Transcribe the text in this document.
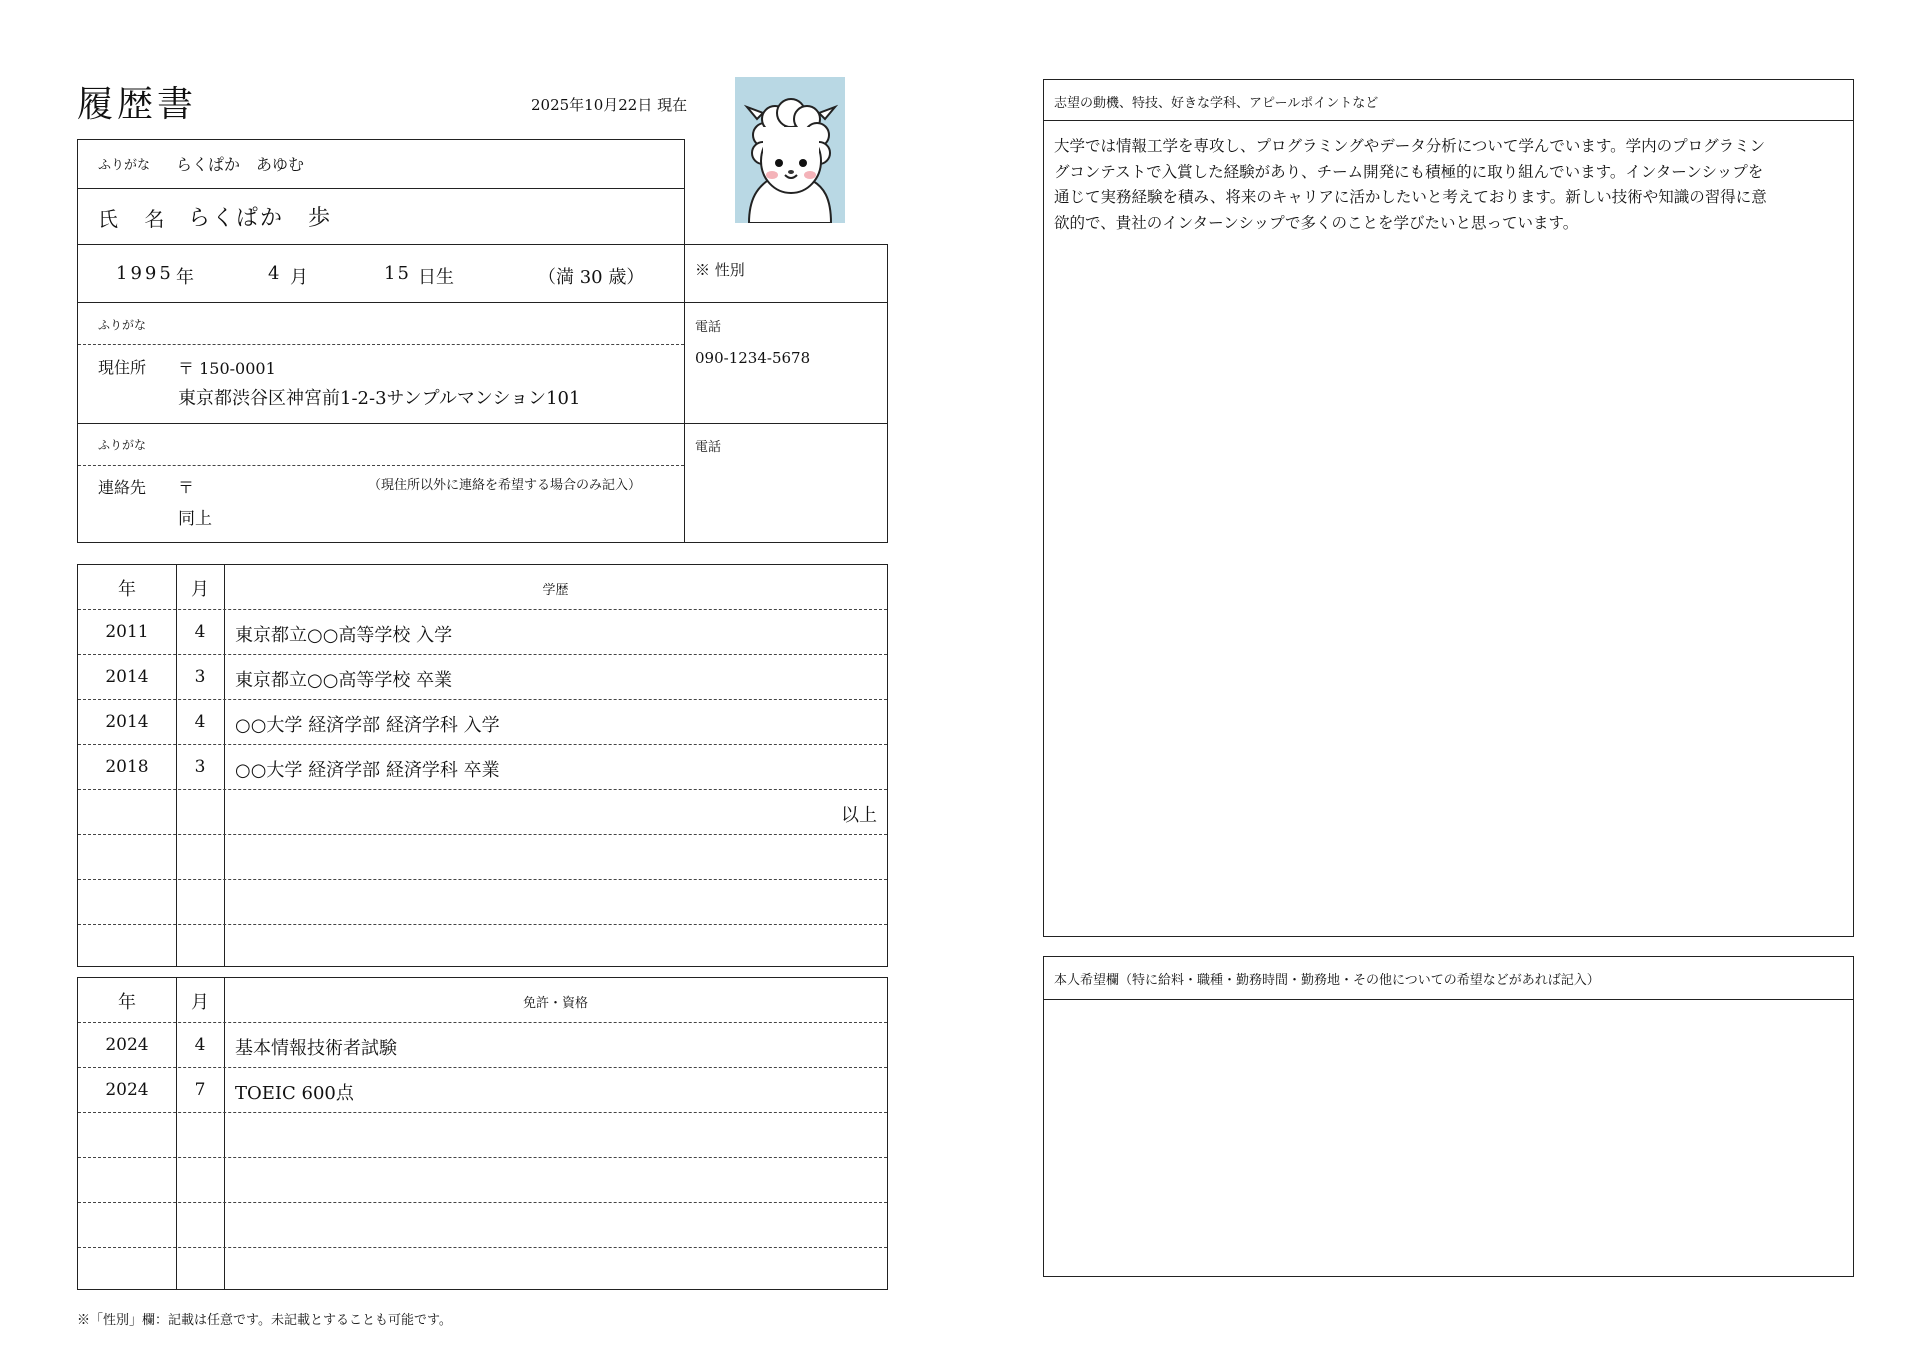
履歴書	2025年10月22日 現在
ふりがな らくぱか　あゆむ
氏 名 らくぱか　歩
1995 年	4 月	15 日生	（満 30 歳）	※ 性別
ふりがな
現住所 〒 150-0001
東京都渋谷区神宮前1-2-3サンプルマンション101
電話
090-1234-5678
ふりがな
連絡先 〒	（現住所以外に連絡を希望する場合のみ記入）
同上
電話
年	月	学歴
2011	4	東京都立○○高等学校 入学
2014	3	東京都立○○高等学校 卒業
2014	4	○○大学 経済学部 経済学科 入学
2018	3	○○大学 経済学部 経済学科 卒業
以上
年	月	免許・資格
2024	4	基本情報技術者試験
2024	7	TOEIC 600点
※「性別」欄：記載は任意です。未記載とすることも可能です。
志望の動機、特技、好きな学科、アピールポイントなど
大学では情報工学を専攻し、プログラミングやデータ分析について学んでいます。学内のプログラミン
グコンテストで入賞した経験があり、チーム開発にも積極的に取り組んでいます。インターンシップを
通じて実務経験を積み、将来のキャリアに活かしたいと考えております。新しい技術や知識の習得に意
欲的で、貴社のインターンシップで多くのことを学びたいと思っています。
本人希望欄（特に給料・職種・勤務時間・勤務地・その他についての希望などがあれば記入）
